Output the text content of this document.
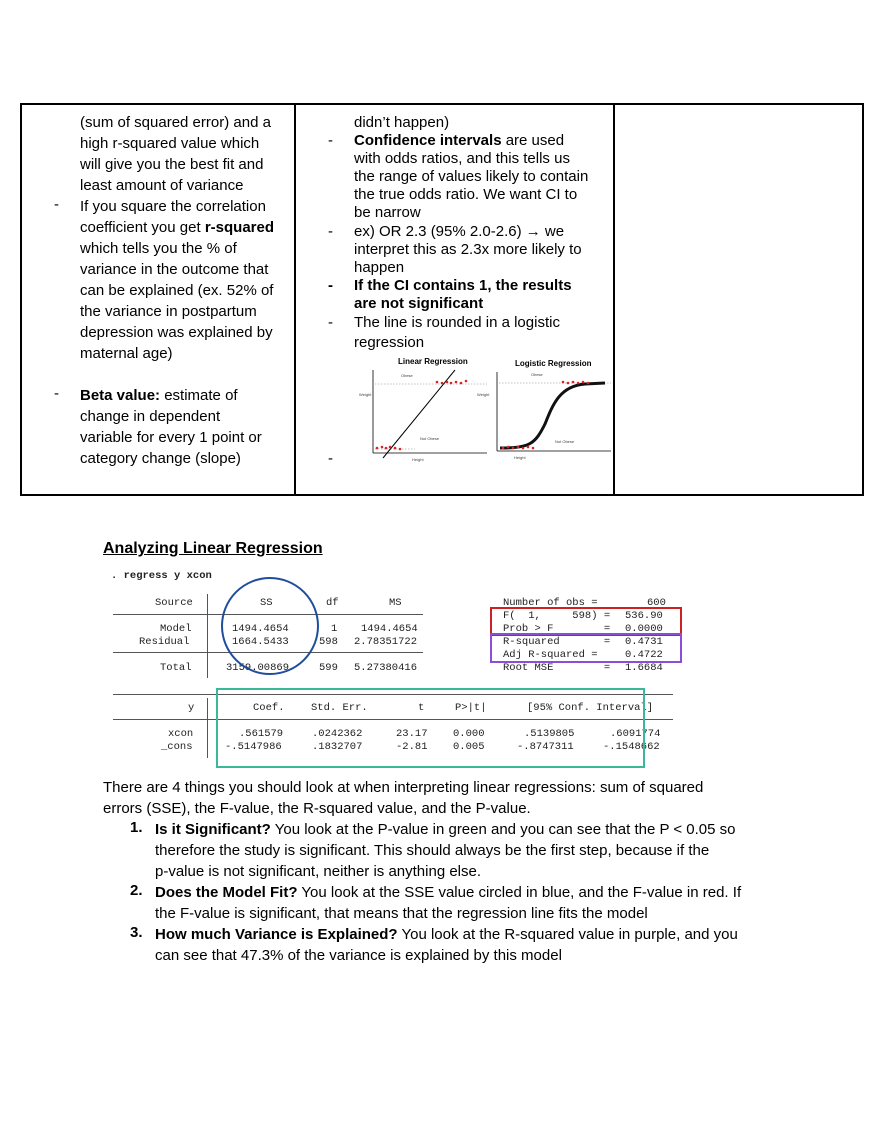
(sum of squared error) and a
high r-squared value which
will give you the best fit and
least amount of variance
- If you square the correlation
coefficient you get r-squared
which tells you the % of
variance in the outcome that
can be explained (ex. 52% of
the variance in postpartum
depression was explained by
maternal age)
- Beta value: estimate of
change in dependent
variable for every 1 point or
category change (slope)
didn’t happen)
- Confidence intervals are used
with odds ratios, and this tells us
the range of values likely to contain
the true odds ratio. We want CI to
be narrow
- ex) OR 2.3 (95% 2.0-2.6) → we
interpret this as 2.3x more likely to
happen
- If the CI contains 1, the results
are not significant
- The line is rounded in a logistic
regression
-
Linear Regression
Obese
Weight
Not Obese
Height
Logistic Regression
Obese
Weight
Not Obese
Height
Analyzing Linear Regression
. regress y xcon
Source	SS	df	MS
Model	1494.4654	1 1494.4654
Residual	1664.5433	598 2.78351722
Total	3159.00869	599 5.27380416
Number of obs =	600
F(  1,     598) = 536.90
Prob > F        = 0.0000
R-squared       = 0.4731
Adj R-squared =	0.4722
Root MSE        = 1.6684
y	Coef.	Std. Err.	t	P>|t|	[95% Conf. Interval]
xcon	.561579	.0242362	23.17 0.000	.5139805	.6091774
_cons	-.5147986	.1832707	-2.81 0.005	-.8747311	-.1548662
There are 4 things you should look at when interpreting linear regressions: sum of squared
errors (SSE), the F-value, the R-squared value, and the P-value.
1. Is it Significant? You look at the P-value in green and you can see that the P < 0.05 so
therefore the study is significant. This should always be the first step, because if the
p-value is not significant, neither is anything else.
2. Does the Model Fit? You look at the SSE value circled in blue, and the F-value in red. If
the F-value is significant, that means that the regression line fits the model
3. How much Variance is Explained? You look at the R-squared value in purple, and you
can see that 47.3% of the variance is explained by this model
